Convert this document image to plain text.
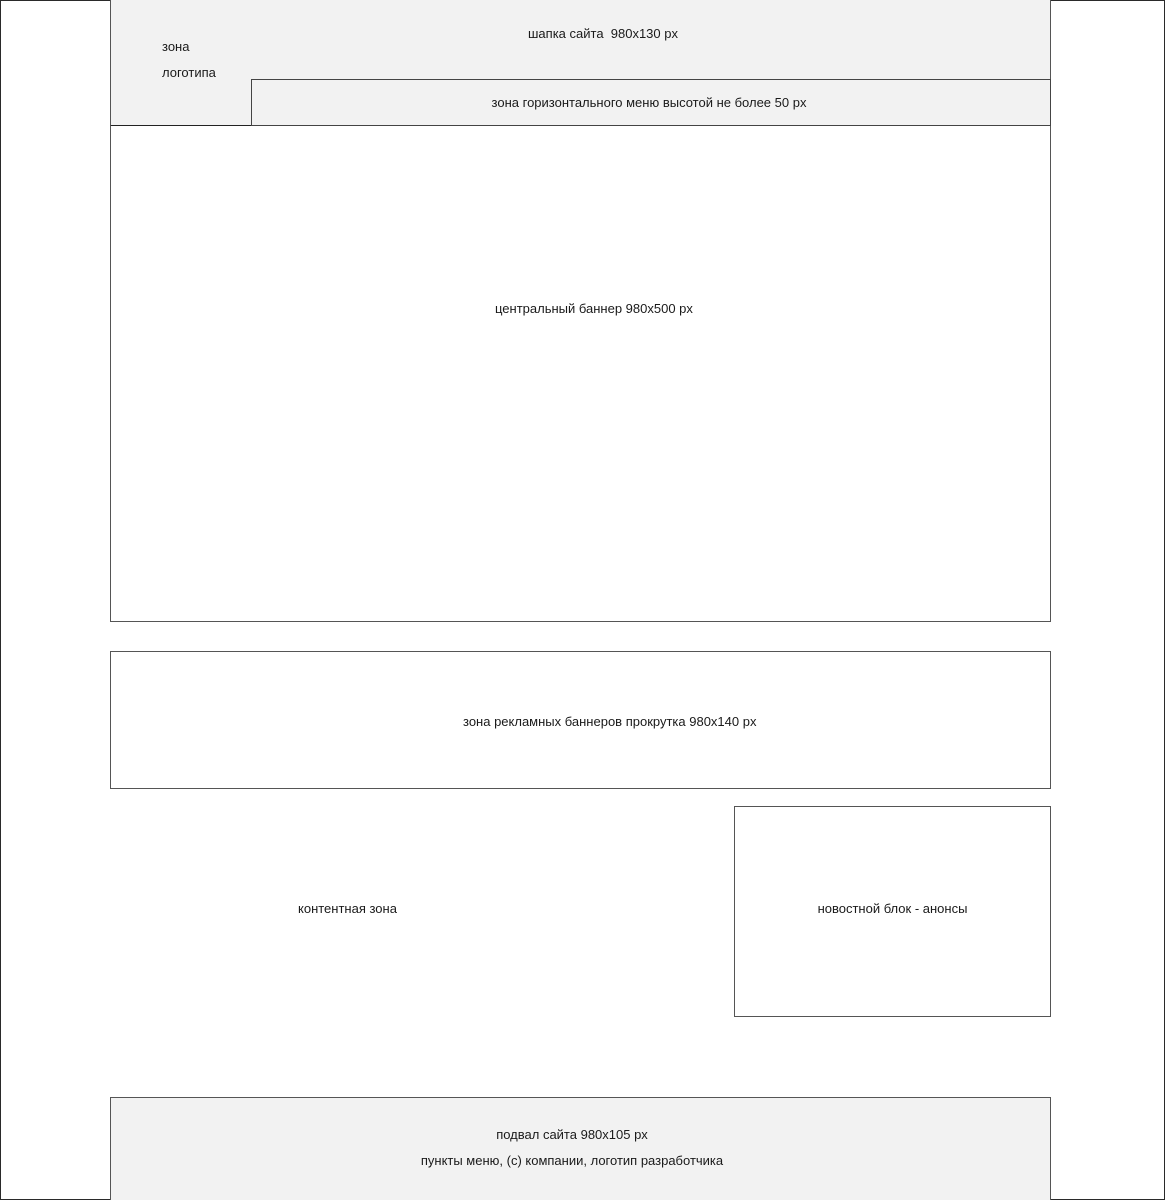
шапка сайта  980x130 px
зона
логотипа
зона горизонтального меню высотой не более 50 px
центральный баннер 980x500 px
зона рекламных баннеров прокрутка 980x140 px
контентная зона	новостной блок - анонсы
подвал сайта 980x105 px
пункты меню, (с) компании, логотип разработчика
